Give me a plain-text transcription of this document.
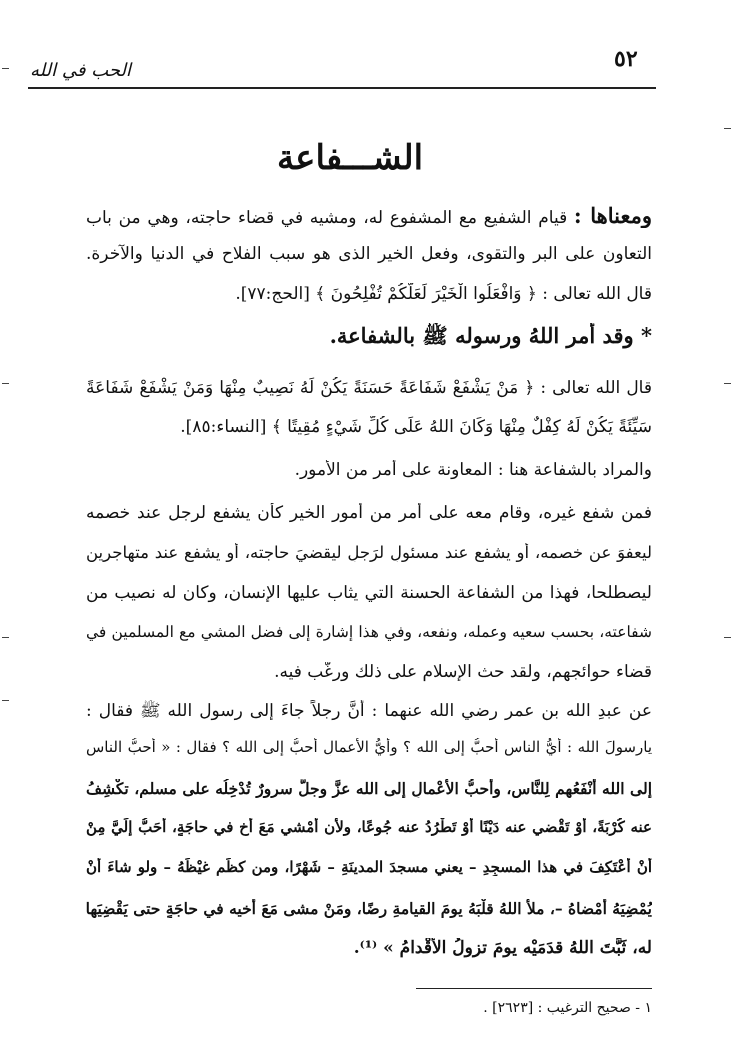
٥٢
الحب في الله
الشـــفاعة
ومعناها : قيام الشفيع مع المشفوع له، ومشيه في قضاء حاجته، وهي من باب
التعاون على البر والتقوى، وفعل الخير الذى هو سبب الفلاح في الدنيا والآخرة.
قال الله تعالى : ﴿ وَافْعَلُوا الْخَيْرَ لَعَلَّكُمْ تُفْلِحُونَ ﴾ [الحج:٧٧].
* وقد أمر اللهُ ورسوله ﷺ بالشفاعة.
قال الله تعالى : ﴿ مَنْ يَشْفَعْ شَفَاعَةً حَسَنَةً يَكُنْ لَهُ نَصِيبٌ مِنْهَا وَمَنْ يَشْفَعْ شَفَاعَةً
سَيِّئَةً يَكُنْ لَهُ كِفْلٌ مِنْهَا وَكَانَ اللهُ عَلَى كُلِّ شَيْءٍ مُقِيتًا ﴾ [النساء:٨٥].
والمراد بالشفاعة هنا : المعاونة على أمر من الأمور.
فمن شفع غيره، وقام معه على أمر من أمور الخير كأن يشفع لرجل عند خصمه
ليعفوَ عن خصمه، أو يشفع عند مسئولٍ لرَجلٍ ليقضيَ حاجته، أو يشفع عند متهاجرين
ليصطلحا، فهذا من الشفاعة الحسنة التي يثاب عليها الإنسان، وكان له نصيب من
شفاعته، بحسب سعيه وعمله، ونفعه، وفي هذا إشارة إلى فضل المشي مع المسلمين في
قضاء حوائجهم، ولقد حث الإسلام على ذلك ورغَّب فيه.
عن عبدِ الله بن عمر رضي الله عنهما : أنَّ رجلاً جاءَ إلى رسول الله ﷺ فقال :
يارسولَ الله : أيُّ الناسِ أحبُّ إلى الله ؟ وأيُّ الأعمالِ أحبُّ إلى الله ؟ فقال : « أحبُّ الناسِ
إلى الله أنْفَعُهم لِلنَّاسِ، وأحبُّ الأعْمالِ إلى الله عزَّ وجلَّ سرورٌ تُدْخِلُه على مسلم، تكْشِفُ
عنه كُرْبَةً، أوْ تَقْضي عنه دَيْنًا أوْ تَطْرُدُ عنه جُوعًا، ولأن أمْشي مَعَ أخٍ في حاجَةٍ، أحَبُّ إلَيَّ مِنْ
أنْ أعْتَكِفَ في هذا المسجِدِ – يعني مسجدَ المدينَةِ – شَهْرًا، ومن كظَم غيْظَهُ – ولو شاءَ أنْ
يُمْضِيَهُ أمْضاهُ –، ملأ اللهُ قلْبَهُ يومَ القيامةِ رِضًا، ومَنْ مشى مَعَ أخيه في حاجَةٍ حتى يَقْضِيَها
له، ثَبَّتَ اللهُ قدَمَيْه يومَ تزولُ الأقْدامُ » ⁽¹⁾.
١ - صحيح الترغيب : [٢٦٢٣] .
